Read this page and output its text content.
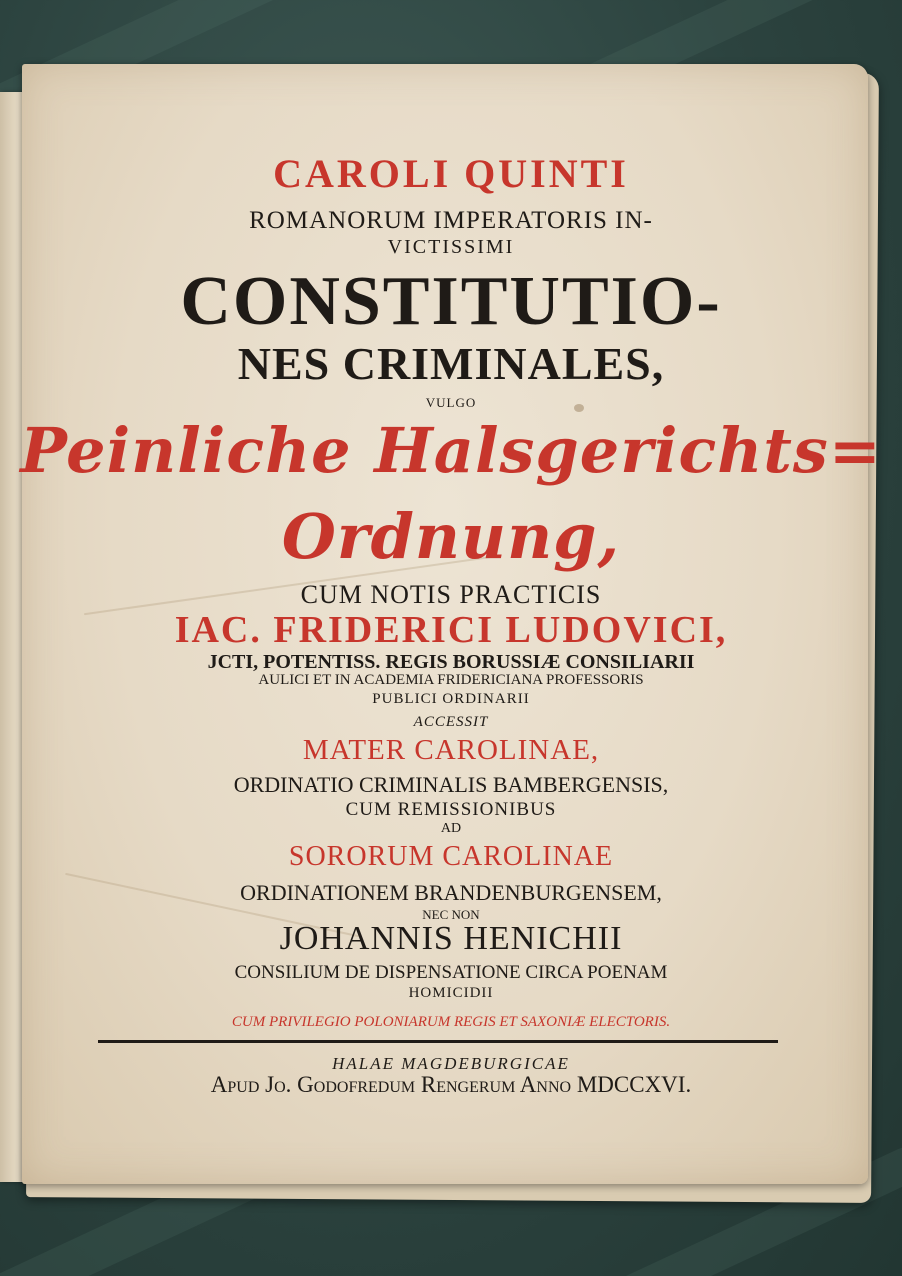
CAROLI QUINTI
ROMANORUM IMPERATORIS IN-
VICTISSIMI
CONSTITUTIO-
NES CRIMINALES,
VULGO
Peinliche Halsgerichts=
Ordnung,
CUM NOTIS PRACTICIS
IAC. FRIDERICI LUDOVICI,
JCTI, POTENTISS. REGIS BORUSSIÆ CONSILIARII
AULICI ET IN ACADEMIA FRIDERICIANA PROFESSORIS
PUBLICI ORDINARII
ACCESSIT
MATER CAROLINAE,
ORDINATIO CRIMINALIS BAMBERGENSIS,
CUM REMISSIONIBUS
AD
SORORUM CAROLINAE
ORDINATIONEM BRANDENBURGENSEM,
NEC NON
JOHANNIS HENICHII
CONSILIUM DE DISPENSATIONE CIRCA POENAM
HOMICIDII
CUM PRIVILEGIO POLONIARUM REGIS ET SAXONIÆ ELECTORIS.
HALAE MAGDEBURGICAE
Apud Jo. Godofredum Rengerum Anno MDCCXVI.
